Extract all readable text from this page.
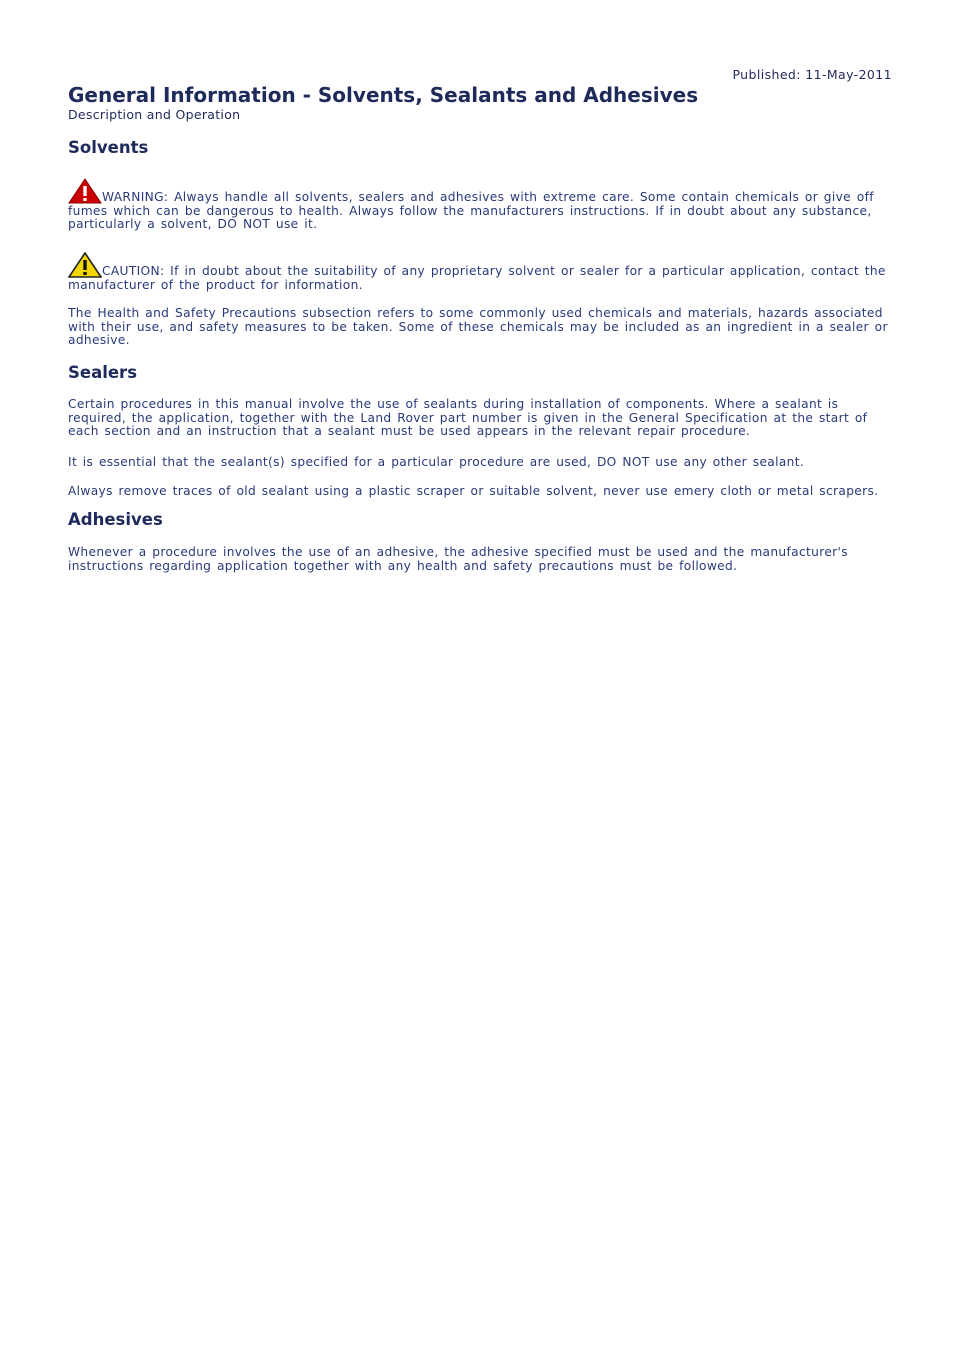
Published: 11-May-2011
General Information - Solvents, Sealants and Adhesives
Description and Operation
Solvents
WARNING: Always handle all solvents, sealers and adhesives with extreme care. Some contain chemicals or give off fumes which can be dangerous to health. Always follow the manufacturers instructions. If in doubt about any substance, particularly a solvent, DO NOT use it.
CAUTION: If in doubt about the suitability of any proprietary solvent or sealer for a particular application, contact the manufacturer of the product for information.
The Health and Safety Precautions subsection refers to some commonly used chemicals and materials, hazards associated with their use, and safety measures to be taken. Some of these chemicals may be included as an ingredient in a sealer or adhesive.
Sealers
Certain procedures in this manual involve the use of sealants during installation of components. Where a sealant is required, the application, together with the Land Rover part number is given in the General Specification at the start of each section and an instruction that a sealant must be used appears in the relevant repair procedure.
It is essential that the sealant(s) specified for a particular procedure are used, DO NOT use any other sealant.
Always remove traces of old sealant using a plastic scraper or suitable solvent, never use emery cloth or metal scrapers.
Adhesives
Whenever a procedure involves the use of an adhesive, the adhesive specified must be used and the manufacturer's instructions regarding application together with any health and safety precautions must be followed.
